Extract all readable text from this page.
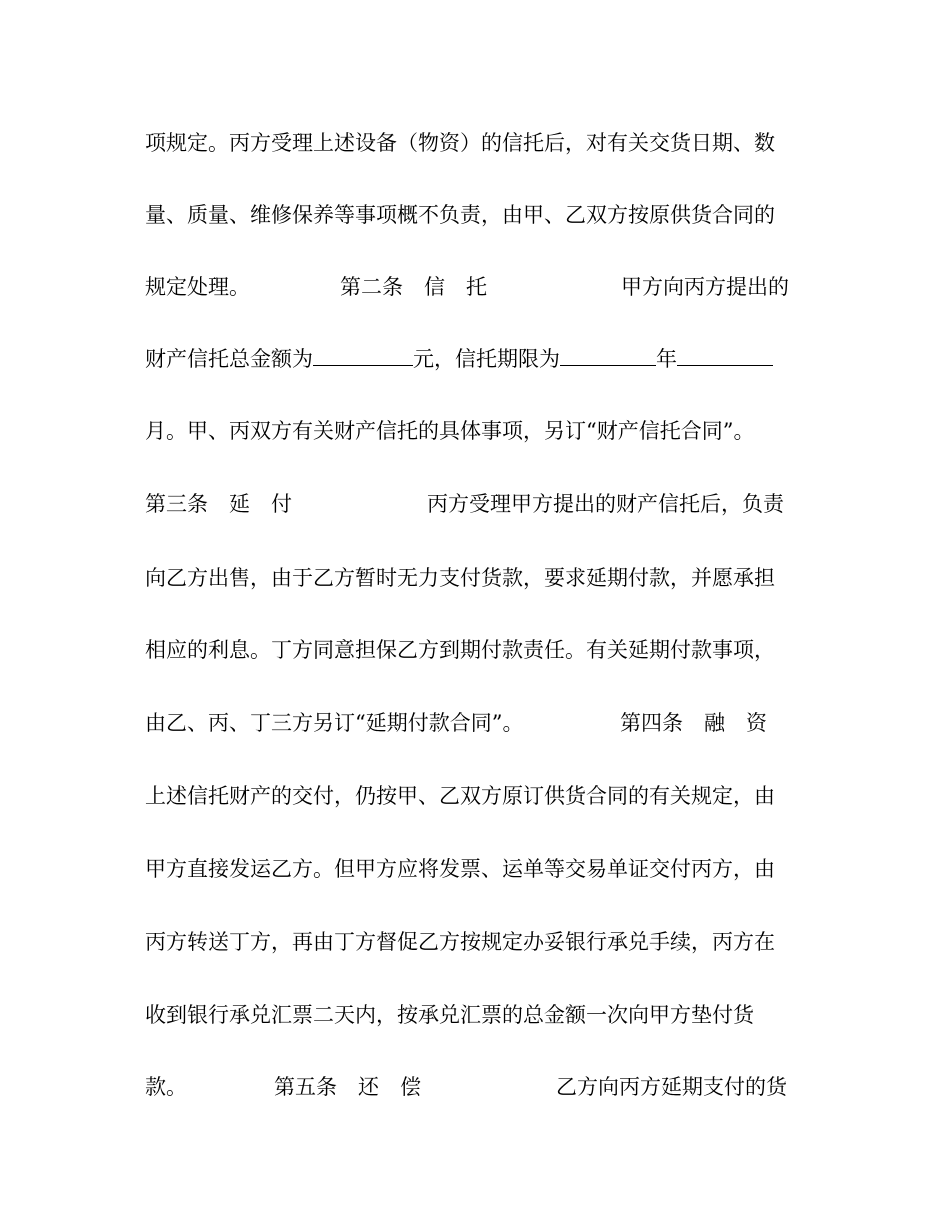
项规定。丙方受理上述设备（物资）的信托后，对有关交货日期、数
量、质量、维修保养等事项概不负责，由甲、乙双方按原供货合同的
规定处理。	第二条　信　托	甲方向丙方提出的
财产信托总金额为	元，信托期限为	年
月。甲、丙双方有关财产信托的具体事项，另订“财产信托合同”。
第三条　延　付	丙方受理甲方提出的财产信托后，负责
向乙方出售，由于乙方暂时无力支付货款，要求延期付款，并愿承担
相应的利息。丁方同意担保乙方到期付款责任。有关延期付款事项，
由乙、丙、丁三方另订“延期付款合同”。	第四条　融　资
上述信托财产的交付，仍按甲、乙双方原订供货合同的有关规定，由
甲方直接发运乙方。但甲方应将发票、运单等交易单证交付丙方，由
丙方转送丁方，再由丁方督促乙方按规定办妥银行承兑手续，丙方在
收到银行承兑汇票二天内，按承兑汇票的总金额一次向甲方垫付货
款。	第五条　还　偿	乙方向丙方延期支付的货
